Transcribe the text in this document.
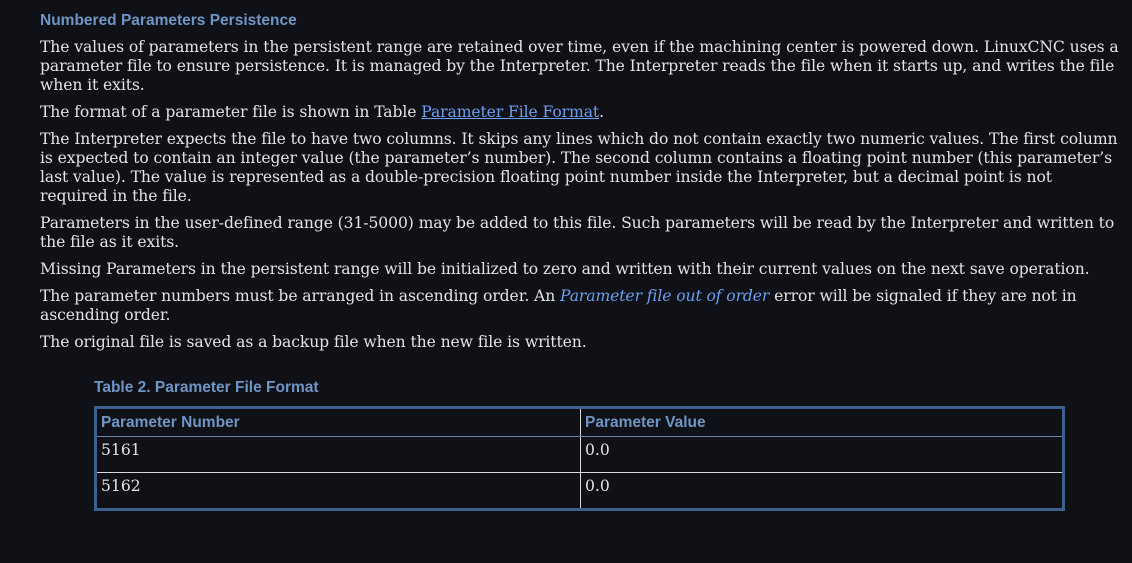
Numbered Parameters Persistence

The values of parameters in the persistent range are retained over time, even if the machining center is powered down. LinuxCNC uses a parameter file to ensure persistence. It is managed by the Interpreter. The Interpreter reads the file when it starts up, and writes the file when it exits.

The format of a parameter file is shown in Table Parameter File Format.

The Interpreter expects the file to have two columns. It skips any lines which do not contain exactly two numeric values. The first column is expected to contain an integer value (the parameter’s number). The second column contains a floating point number (this parameter’s last value). The value is represented as a double-precision floating point number inside the Interpreter, but a decimal point is not required in the file.

Parameters in the user-defined range (31-5000) may be added to this file. Such parameters will be read by the Interpreter and written to the file as it exits.

Missing Parameters in the persistent range will be initialized to zero and written with their current values on the next save operation.

The parameter numbers must be arranged in ascending order. An Parameter file out of order error will be signaled if they are not in ascending order.

The original file is saved as a backup file when the new file is written.

Table 2. Parameter File Format
Parameter Number	Parameter Value
5161	0.0
5162	0.0
